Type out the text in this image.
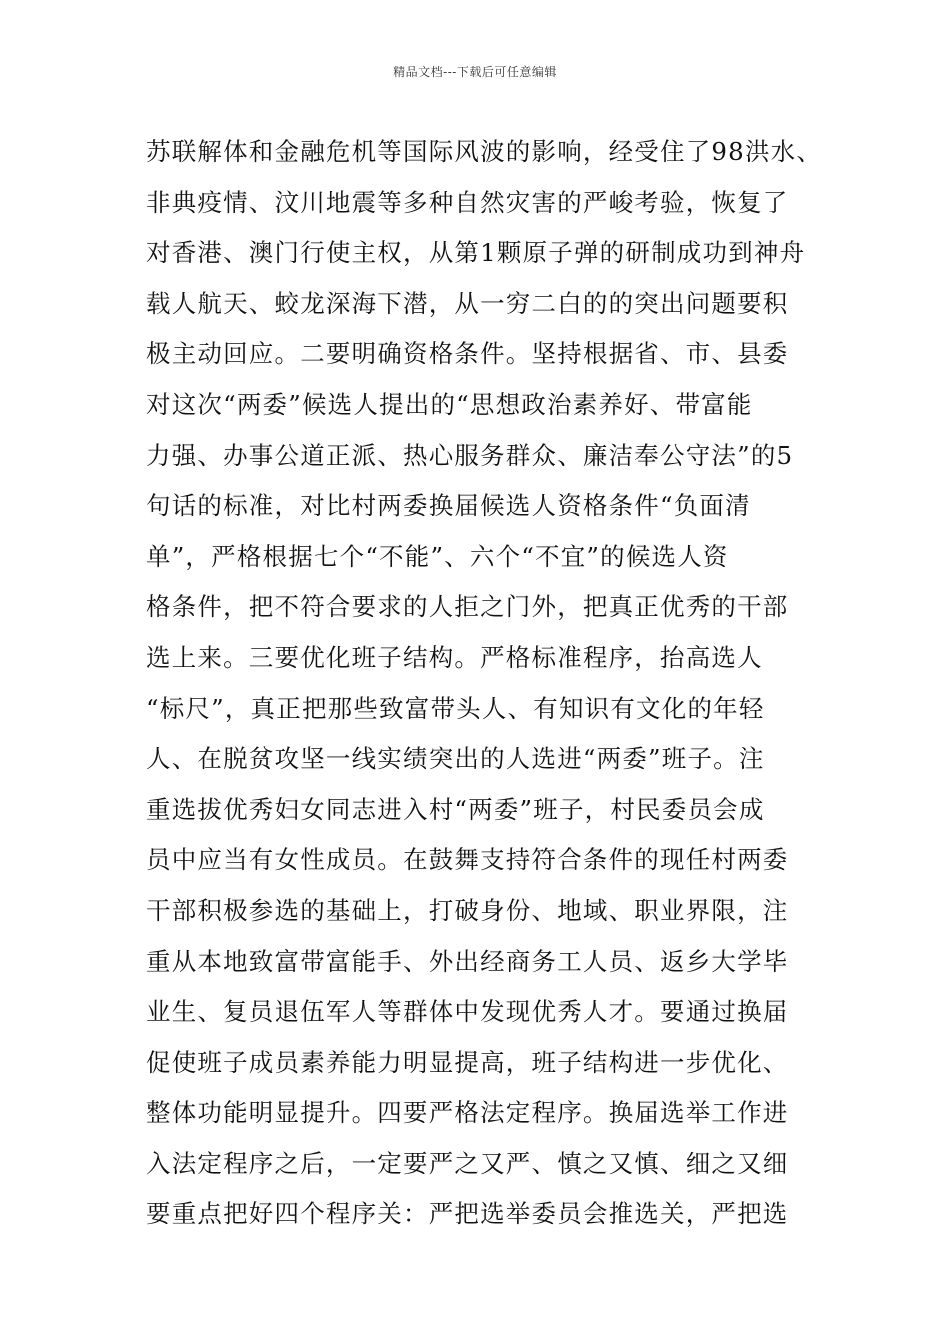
精品文档---下载后可任意编辑
苏联解体和金融危机等国际风波的影响，经受住了98洪水、
非典疫情、汶川地震等多种自然灾害的严峻考验，恢复了
对香港、澳门行使主权，从第1颗原子弹的研制成功到神舟
载人航天、蛟龙深海下潜，从一穷二白的的突出问题要积
极主动回应。二要明确资格条件。坚持根据省、市、县委
对这次“两委”候选人提出的“思想政治素养好、带富能
力强、办事公道正派、热心服务群众、廉洁奉公守法”的5
句话的标准，对比村两委换届候选人资格条件“负面清
单”，严格根据七个“不能”、六个“不宜”的候选人资
格条件，把不符合要求的人拒之门外，把真正优秀的干部
选上来。三要优化班子结构。严格标准程序，抬高选人
“标尺”，真正把那些致富带头人、有知识有文化的年轻
人、在脱贫攻坚一线实绩突出的人选进“两委”班子。注
重选拔优秀妇女同志进入村“两委”班子，村民委员会成
员中应当有女性成员。在鼓舞支持符合条件的现任村两委
干部积极参选的基础上，打破身份、地域、职业界限，注
重从本地致富带富能手、外出经商务工人员、返乡大学毕
业生、复员退伍军人等群体中发现优秀人才。要通过换届
促使班子成员素养能力明显提高，班子结构进一步优化、
整体功能明显提升。四要严格法定程序。换届选举工作进
入法定程序之后，一定要严之又严、慎之又慎、细之又细
要重点把好四个程序关：严把选举委员会推选关，严把选
